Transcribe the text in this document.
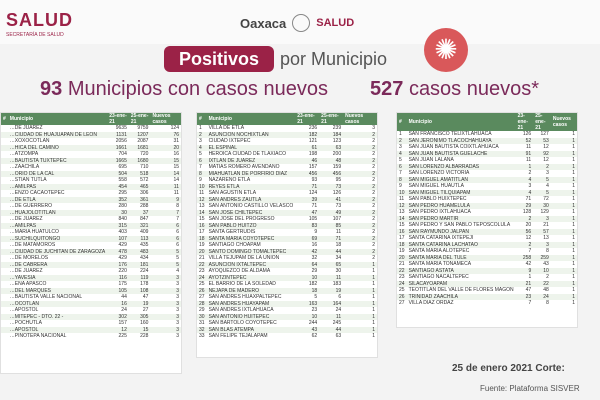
SALUD
SECRETARÍA DE SALUD
Oaxaca	SALUD
Positivos	por Municipio	✺
93 Municipios con casos nuevos 527 casos nuevos*
#	Municipio	23-ene-21	25-ene-21	Nuevos casos
	…DE JUAREZ	9635	9759	124
	…CIUDAD DE HUAJUAPAN DE LEON	1131	1207	76
	…XOXOCOTLAN	2056	2087	31
	…HICA DEL CAMINO	1661	1681	20
	…ATZOMPA	704	720	16
	…BAUTISTA TUXTEPEC	1665	1680	15
	…ZAACHILA	695	710	15
	…ORIO DE LA CAL	504	518	14
	…STIAN TUTLA	558	572	14
	…AMILPAS	454	465	11
	…ENZO CACAOTEPEC	295	306	11
	…DE ETLA	352	361	9
	…DE GUERRERO	280	288	8
	…HUAJOLOTITLAN	30	37	7
	…DE JUAREZ	840	847	7
	…AMILPAS	315	321	6
	…MARIA HUATULCO	403	409	6
	…SUCHILQUITONGO	107	113	6
	…DE MATAMOROS	429	435	6
	…CIUDAD DE JUCHITAN DE ZARAGOZA	478	483	5
	…DE MORELOS	429	434	5
	…DE CABRERA	176	181	5
	…DE JUAREZ	220	224	4
	…YAVESIA	116	119	3
	…ENA APASCO	175	178	3
	…DEL MARQUES	105	108	3
	…BAUTISTA VALLE NACIONAL	44	47	3
	…OCOTLAN	16	19	3
	…APOSTOL	24	27	3
	…MITEPEC - DTO. 22 -	302	305	3
	…POCHUTLA	157	160	3
	…APOSTOL	12	15	3
	…PINOTEPA NACIONAL	225	228	3
#	Municipio	23-ene-21	25-ene-21	Nuevos casos
1	VILLA DE ETLA	236	239	3
2	ASUNCION NOCHIXTLAN	182	184	2
3	CIUDAD IXTEPEC	121	123	2
4	EL ESPINAL	61	63	2
5	HEROICA CIUDAD DE TLAXIACO	198	200	2
6	IXTLAN DE JUAREZ	46	48	2
7	MATIAS ROMERO AVENDAÑO	157	159	2
8	MIAHUATLAN DE PORFIRIO DIAZ	456	456	2
9	NAZARENO ETLA	93	95	2
10	REYES ETLA	71	73	2
11	SAN AGUSTIN ETLA	124	126	2
12	SAN ANDRES ZAUTLA	39	41	2
13	SAN ANTONIO CASTILLO VELASCO	71	73	2
14	SAN JOSE CHILTEPEC	47	49	2
15	SAN JOSE DEL PROGRESO	105	107	2
16	SAN PABLO HUITZO	83	85	2
17	SANTA GERTRUDIS	9	11	2
18	SANTA MARIA COYOTEPEC	69	71	2
19	SANTIAGO CHOAPAM	16	18	2
20	SANTO DOMINGO TOMALTEPEC	42	44	2
21	VILLA TEJUPAM DE LA UNION	32	34	2
22	ASUNCION IXTALTEPEC	64	65	1
23	AYOQUEZCO DE ALDAMA	29	30	1
24	AYOTZINTEPEC	10	11	1
25	EL BARRIO DE LA SOLEDAD	182	183	1
26	NEJAPA DE MADERO	18	19	1
27	SAN ANDRES HUAXPALTEPEC	5	6	1
28	SAN ANDRES HUAYAPAM	163	164	1
29	SAN ANDRES IXTLAHUACA	23	24	1
30	SAN ANTONIO HUITEPEC	10	11	1
31	SAN BARTOLO COYOTEPEC	244	245	1
32	SAN BLAS ATEMPA	43	44	1
33	SAN FELIPE TEJALAPAM	62	63	1
#	Municipio	23-ene-21	25-ene-21	Nuevos casos
1	SAN FRANCISCO TELIXTLAHUACA	126	127	1
2	SAN JERONIMO TLACOCHAHUAYA	52	53	1
3	SAN JUAN BAUTISTA COIXTLAHUACA	11	12	1
4	SAN JUAN BAUTISTA GUELACHE	91	92	1
5	SAN JUAN LALANA	11	12	1
6	SAN LORENZO ALBARRADAS	1	2	1
7	SAN LORENZO VICTORIA	2	3	1
8	SAN MIGUEL AMATITLAN	4	5	1
9	SAN MIGUEL HUAUTLA	3	4	1
10	SAN MIGUEL TILQUIAPAM	4	5	1
11	SAN PABLO HUIXTEPEC	71	72	1
12	SAN PEDRO HUAMELULA	29	30	1
13	SAN PEDRO IXTLAHUACA	128	129	1
14	SAN PEDRO MARTIR	2	3	1
15	SAN PEDRO Y SAN PABLO TEPOSCOLULA	20	21	1
16	SAN RAYMUNDO JALPAN	56	57	1
17	SANTA CATARINA IXTEPEJI	12	13	1
18	SANTA CATARINA LACHATAO	2	3	1
19	SANTA MARIA ALOTEPEC	7	8	1
20	SANTA MARIA DEL TULE	258	259	1
21	SANTA MARIA TONAMECA	42	43	1
22	SANTIAGO ASTATA	9	10	1
23	SANTIAGO NACALTEPEC	1	2	1
24	SILACAYOAPAM	21	22	1
25	TEOTITLAN DEL VALLE DE FLORES MAGON	47	48	1
26	TRINIDAD ZAACHILA	23	24	1
27	VILLA DIAZ ORDAZ	7	8	1
25 de enero 2021 Corte:
Fuente: Plataforma SISVER
